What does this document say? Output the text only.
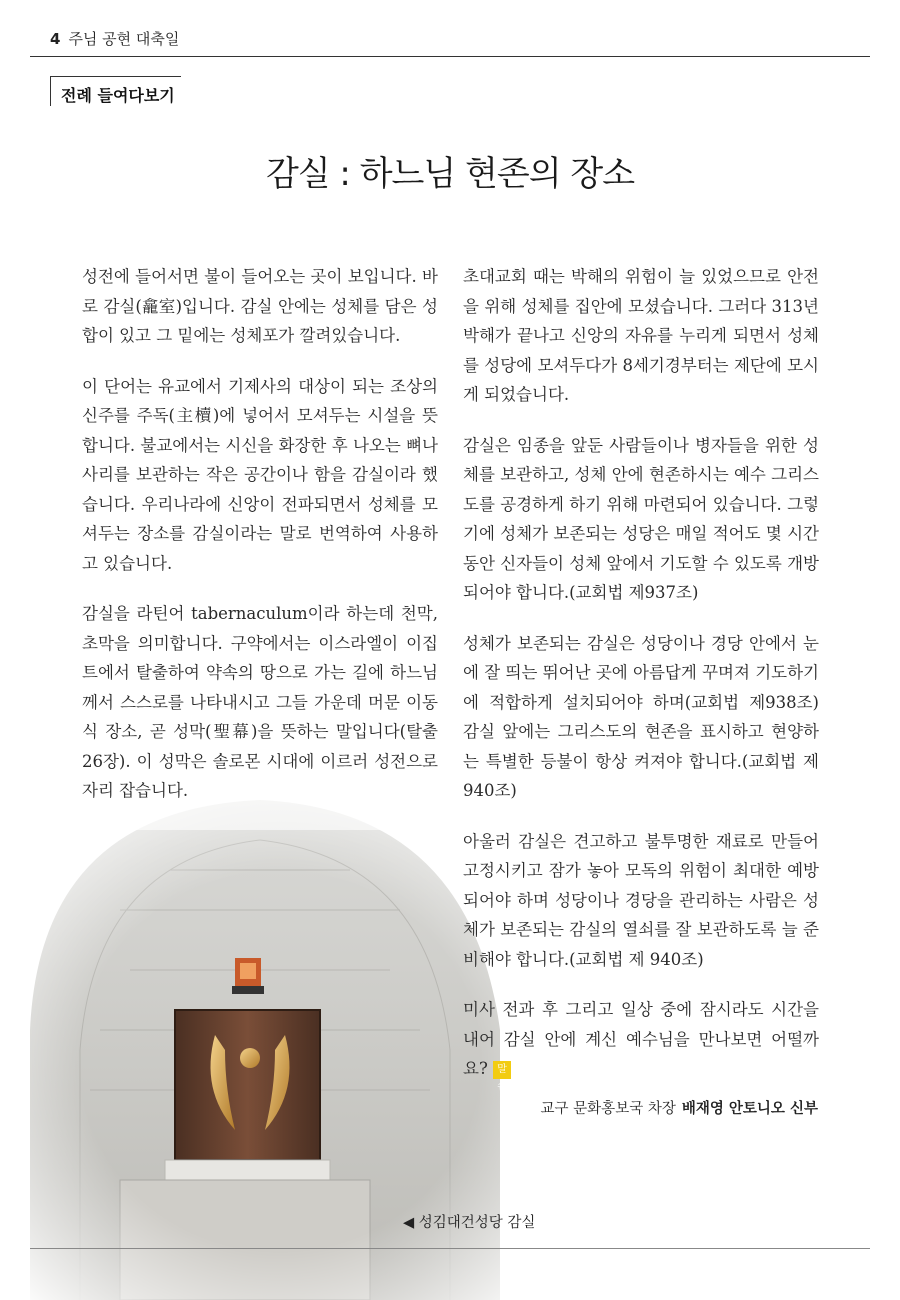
4 주님 공현 대축일
전례 들여다보기
감실 : 하느님 현존의 장소

성전에 들어서면 불이 들어오는 곳이 보입니다. 바로 감실(龕室)입니다. 감실 안에는 성체를 담은 성합이 있고 그 밑에는 성체포가 깔려있습니다.

이 단어는 유교에서 기제사의 대상이 되는 조상의 신주를 주독(主櫝)에 넣어서 모셔두는 시설을 뜻합니다. 불교에서는 시신을 화장한 후 나오는 뼈나 사리를 보관하는 작은 공간이나 함을 감실이라 했습니다. 우리나라에 신앙이 전파되면서 성체를 모셔두는 장소를 감실이라는 말로 번역하여 사용하고 있습니다.

감실을 라틴어 tabernaculum이라 하는데 천막, 초막을 의미합니다. 구약에서는 이스라엘이 이집트에서 탈출하여 약속의 땅으로 가는 길에 하느님께서 스스로를 나타내시고 그들 가운데 머문 이동식 장소, 곧 성막(聖幕)을 뜻하는 말입니다(탈출 26장). 이 성막은 솔로몬 시대에 이르러 성전으로 자리 잡습니다.

초대교회 때는 박해의 위험이 늘 있었으므로 안전을 위해 성체를 집안에 모셨습니다. 그러다 313년 박해가 끝나고 신앙의 자유를 누리게 되면서 성체를 성당에 모셔두다가 8세기경부터는 제단에 모시게 되었습니다.

감실은 임종을 앞둔 사람들이나 병자들을 위한 성체를 보관하고, 성체 안에 현존하시는 예수 그리스도를 공경하게 하기 위해 마련되어 있습니다. 그렇기에 성체가 보존되는 성당은 매일 적어도 몇 시간 동안 신자들이 성체 앞에서 기도할 수 있도록 개방되어야 합니다.(교회법 제937조)

성체가 보존되는 감실은 성당이나 경당 안에서 눈에 잘 띄는 뛰어난 곳에 아름답게 꾸며져 기도하기에 적합하게 설치되어야 하며(교회법 제938조) 감실 앞에는 그리스도의 현존을 표시하고 현양하는 특별한 등불이 항상 켜져야 합니다.(교회법 제 940조)

아울러 감실은 견고하고 불투명한 재료로 만들어 고정시키고 잠가 놓아 모독의 위험이 최대한 예방되어야 하며 성당이나 경당을 관리하는 사람은 성체가 보존되는 감실의 열쇠를 잘 보관하도록 늘 준비해야 합니다.(교회법 제 940조)

미사 전과 후 그리고 일상 중에 잠시라도 시간을 내어 감실 안에 계신 예수님을 만나보면 어떨까요? 말씀

교구 문화홍보국 차장 배재영 안토니오 신부
◀ 성김대건성당 감실
